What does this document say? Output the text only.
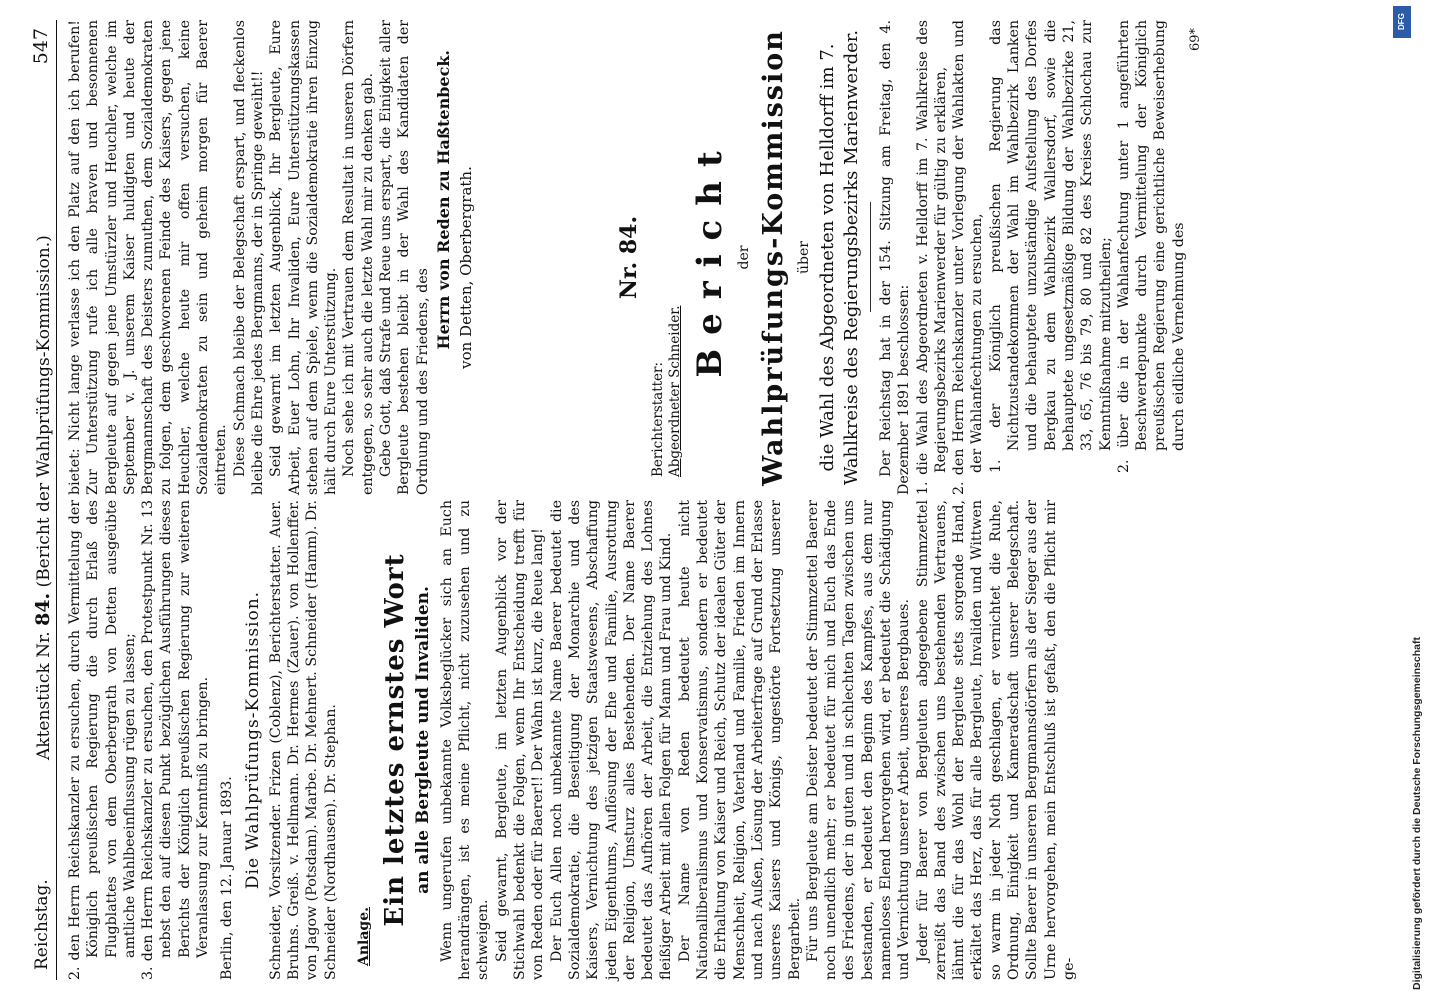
Reichstag.
Aktenstück Nr. 84. (Bericht der Wahlprüfungs-Kommission.)
547

2. den Herrn Reichskanzler zu ersuchen, durch Vermittelung der Königlich preußischen Regierung die durch Erlaß des Flugblattes von dem Oberbergrath von Detten ausgeübte amtliche Wahlbeeinflussung rügen zu lassen; 3. den Herrn Reichskanzler zu ersuchen, den Protestpunkt Nr. 13 nebst den auf diesen Punkt bezüglichen Ausführungen dieses Berichts der Königlich preußischen Regierung zur weiteren Veranlassung zur Kenntniß zu bringen. Berlin, den 12. Januar 1893. Die Wahlprüfungs-Kommission. Schneider, Vorsitzender. Frizen (Coblenz), Berichterstatter. Auer. Bruhns. Greiß. v. Hellmann. Dr. Hermes (Zauer). von Hollenffer. von Jagow (Potsdam). Marbe. Dr. Mehnert. Schneider (Hamm). Dr. Schneider (Nordhausen). Dr. Stephan. Anlage.
Ein letztes ernstes Wort an alle Bergleute und Invaliden. Wenn ungerufen unbekannte Volksbeglücker sich an Euch herandrängen, ist es meine Pflicht, nicht zuzusehen und zu schweigen. Seid gewarnt, Bergleute, im letzten Augenblick vor der Stichwahl bedenkt die Folgen, wenn Ihr Entscheidung trefft für von Reden oder für Baerer!! Der Wahn ist kurz, die Reue lang! Der Euch Allen noch unbekannte Name Baerer bedeutet die Sozialdemokratie, die Beseitigung der Monarchie und des Kaisers, Vernichtung des jetzigen Staatswesens, Abschaffung jeden Eigenthums, Auflösung der Ehe und Familie, Ausrottung der Religion, Umsturz alles Bestehenden. Der Name Baerer bedeutet das Aufhören der Arbeit, die Entziehung des Lohnes fleißiger Arbeit mit allen Folgen für Mann und Frau und Kind. Der Name von Reden bedeutet heute nicht Nationalliberalismus und Konservatismus, sondern er bedeutet die Erhaltung von Kaiser und Reich, Schutz der idealen Güter der Menschheit, Religion, Vaterland und Familie, Frieden im Innern und nach Außen, Lösung der Arbeiterfrage auf Grund der Erlasse unseres Kaisers und Königs, ungestörte Fortsetzung unserer Bergarbeit. Für uns Bergleute am Deister bedeutet der Stimmzettel Baerer noch unendlich mehr; er bedeutet für mich und Euch das Ende des Friedens, der in guten und in schlechten Tagen zwischen uns bestanden, er bedeutet den Beginn des Kampfes, aus dem nur namenloses Elend hervorgehen wird, er bedeutet die Schädigung und Vernichtung unserer Arbeit, unseres Bergbaues. Jeder für Baerer von Bergleuten abgegebene Stimmzettel zerreißt das Band des zwischen uns bestehenden Vertrauens, lähmt die für das Wohl der Bergleute stets sorgende Hand, erkältet das Herz, das für alle Bergleute, Invaliden und Wittwen so warm in jeder Noth geschlagen, er vernichtet die Ruhe, Ordnung, Einigkeit und Kameradschaft unserer Belegschaft. Sollte Baerer in unseren Bergmannsdörfern als der Sieger aus der Urne hervorgehen, mein Entschluß ist gefaßt, den die Pflicht mir ge-

bietet: Nicht lange verlasse ich den Platz auf den ich berufen! Zur Unterstützung rufe ich alle braven und besonnenen Bergleute auf gegen jene Umstürzler und Heuchler, welche im September v. J. unserem Kaiser huldigten und heute der Bergmannschaft des Deisters zumuthen, dem Sozialdemokraten zu folgen, dem geschworenen Feinde des Kaisers, gegen jene Heuchler, welche heute mir offen versuchen, keine Sozialdemokraten zu sein und geheim morgen für Baerer eintreten. Diese Schmach bleibe der Belegschaft erspart, und fleckenlos bleibe die Ehre jedes Bergmanns, der in Springe geweiht!! Seid gewarnt im letzten Augenblick, Ihr Bergleute, Eure Arbeit, Euer Lohn, Ihr Invaliden, Eure Unterstützungskassen stehen auf dem Spiele, wenn die Sozialdemokratie ihren Einzug hält durch Eure Unterstützung. Noch sehe ich mit Vertrauen dem Resultat in unseren Dörfern entgegen, so sehr auch die letzte Wahl mir zu denken gab. Gebe Gott, daß Strafe und Reue uns erspart, die Einigkeit aller Bergleute bestehen bleibt in der Wahl des Kandidaten der Ordnung und des Friedens, des

Herrn von Reden zu Haßtenbeck. von Detten, Oberbergrath.	Nr. 84.
Berichterstatter: Abgeordneter Schneider.
Bericht der Wahlprüfungs-Kommission über die Wahl des Abgeordneten von Helldorff im 7. Wahlkreise des Regierungsbezirks Marienwerder. Der Reichstag hat in der 154. Sitzung am Freitag, den 4. Dezember 1891 beschlossen: 1. die Wahl des Abgeordneten v. Helldorff im 7. Wahlkreise des Regierungsbezirks Marienwerder für gültig zu erklären, 2. den Herrn Reichskanzler unter Vorlegung der Wahlakten und der Wahlanfechtungen zu ersuchen, 1. der Königlich preußischen Regierung das Nichtzustandekommen der Wahl im Wahlbezirk Lanken und die behauptete unzuständige Aufstellung des Dorfes Bergkau zu dem Wahlbezirk Wallersdorf, sowie die behauptete ungesetzmäßige Bildung der Wahlbezirke 21, 33, 65, 76 bis 79, 80 und 82 des Kreises Schlochau zur Kenntnißnahme mitzutheilen; 2. über die in der Wahlanfechtung unter 1 angeführten Beschwerdepunkte durch Vermittelung der Königlich preußischen Regierung eine gerichtliche Beweiserhebung durch eidliche Vernehmung des

69*
DFG
Digitalisierung gefördert durch die Deutsche Forschungsgemeinschaft
